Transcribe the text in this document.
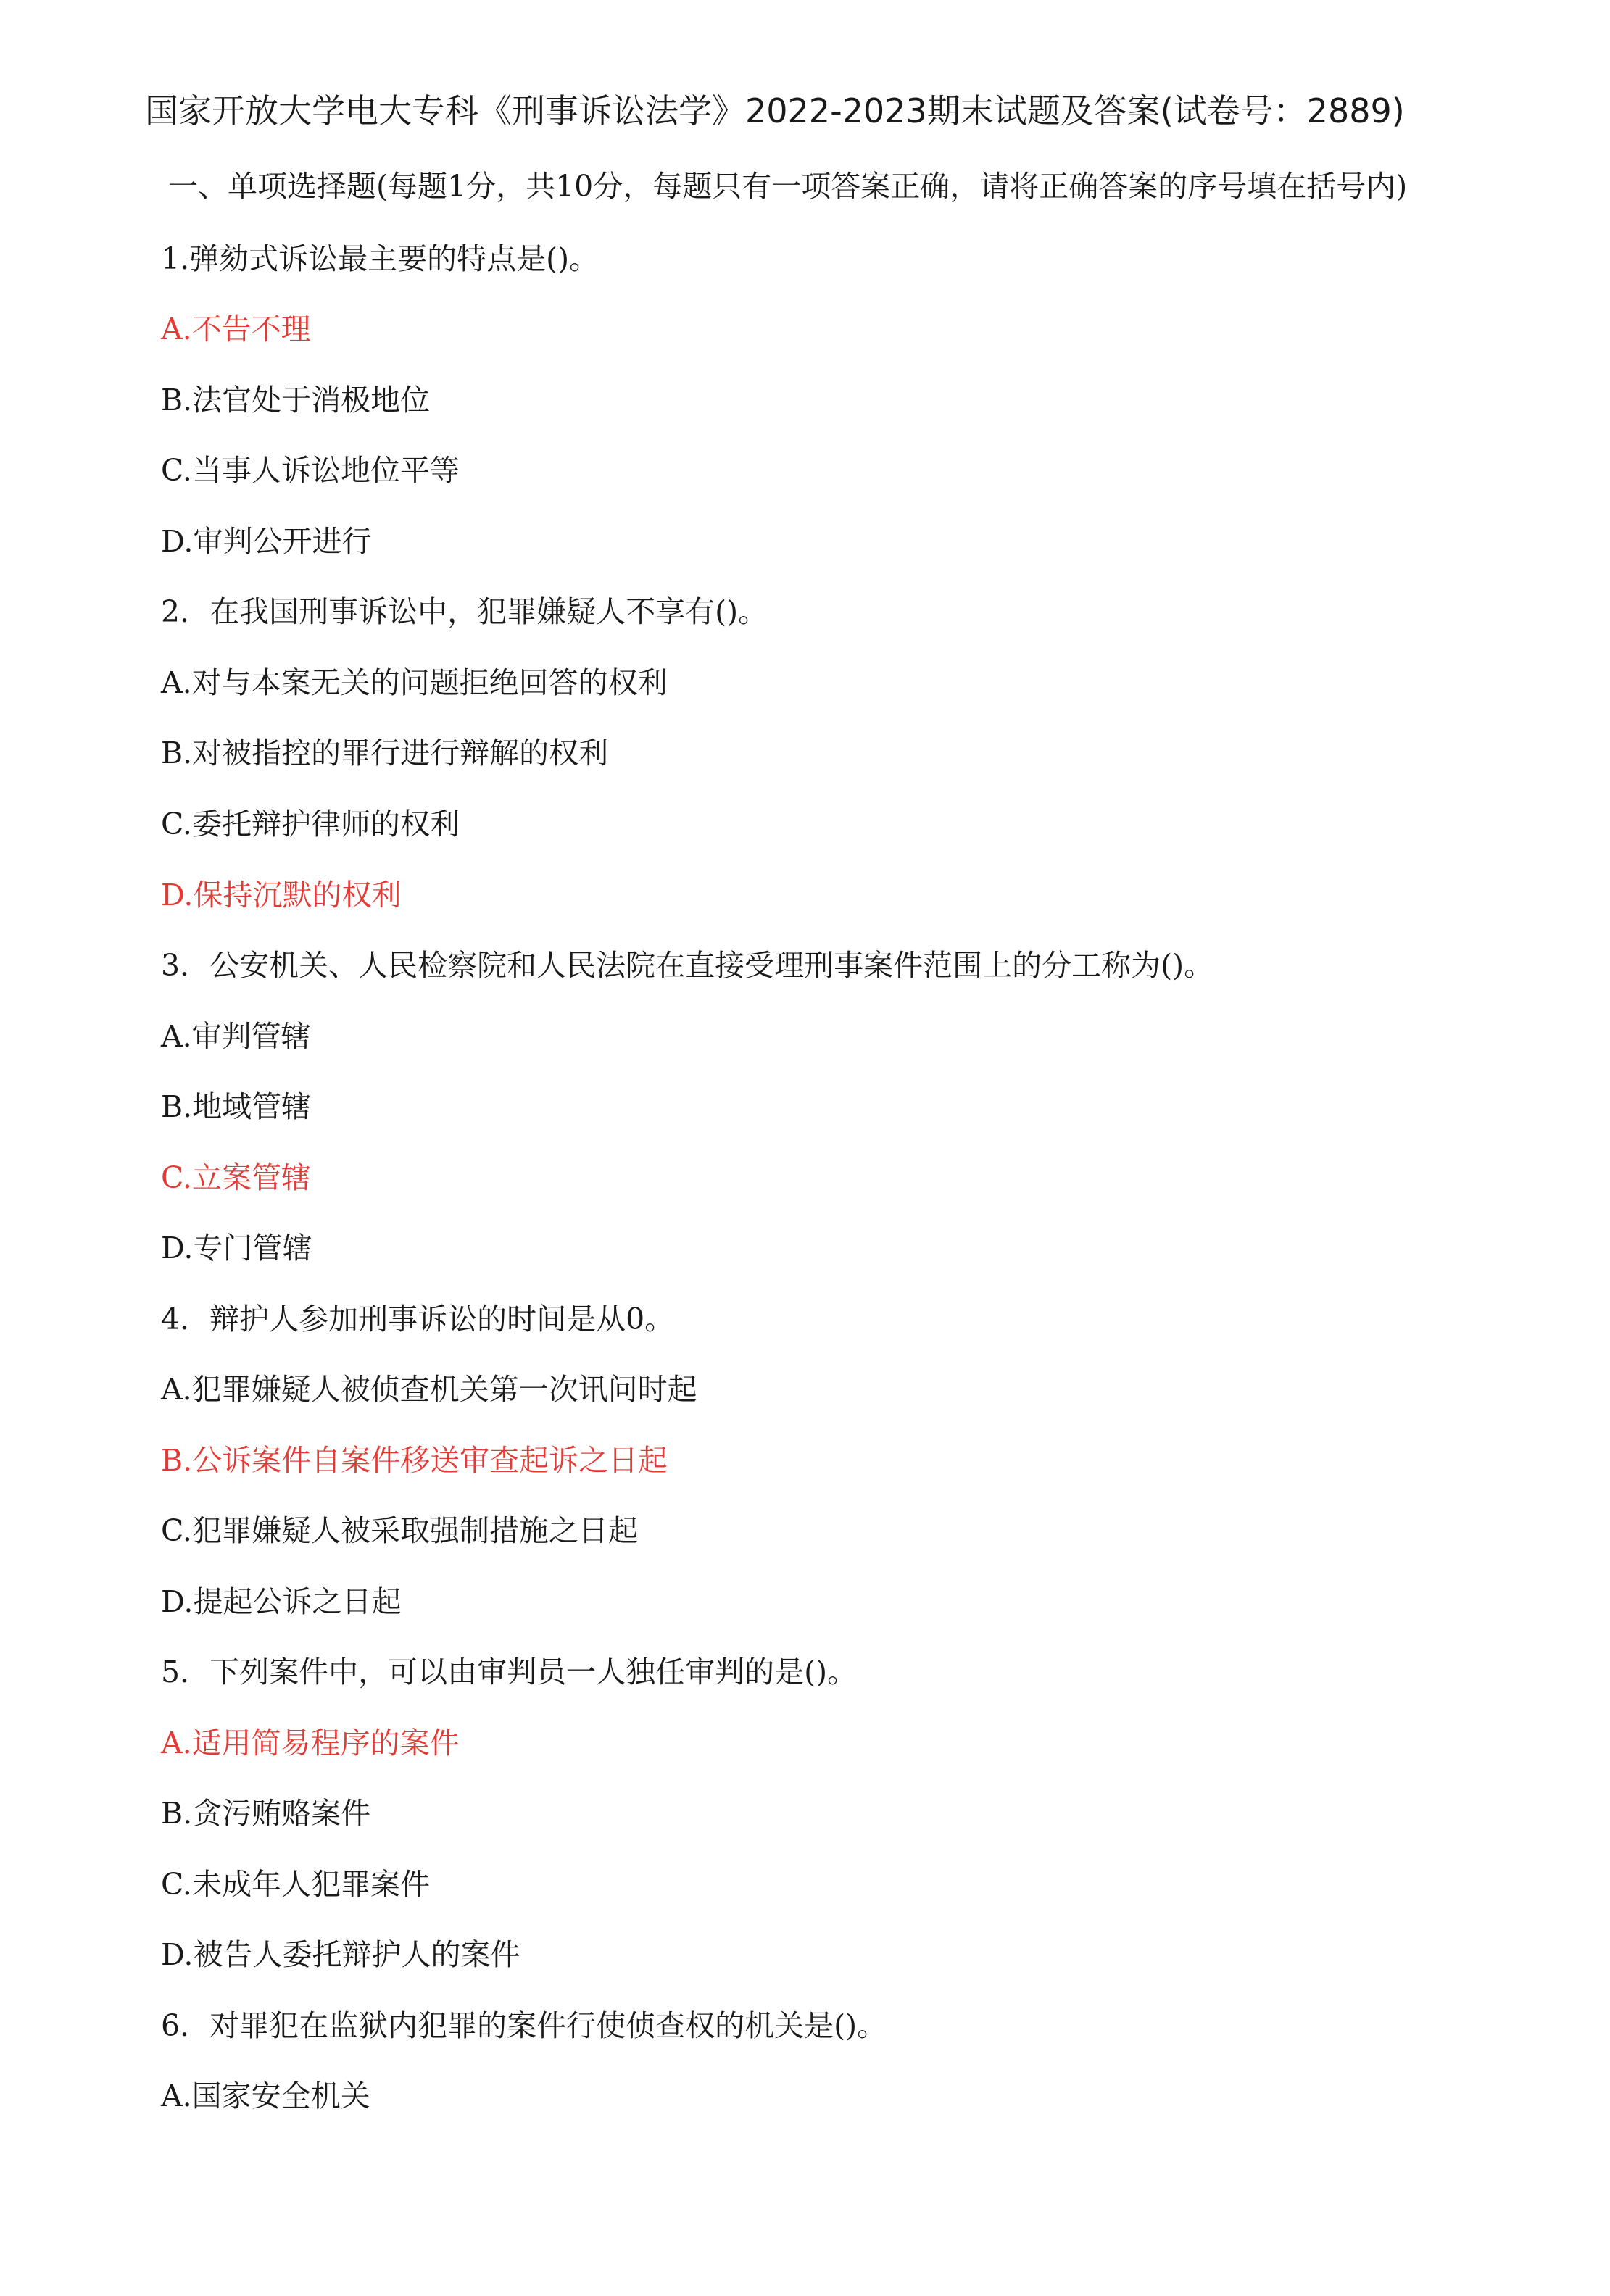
国家开放大学电大专科《刑事诉讼法学》2022-2023期末试题及答案(试卷号：2889)
一、单项选择题(每题1分，共10分，每题只有一项答案正确，请将正确答案的序号填在括号内)
1.弹劾式诉讼最主要的特点是()。
A.不告不理
B.法官处于消极地位
C.当事人诉讼地位平等
D.审判公开进行
2．在我国刑事诉讼中，犯罪嫌疑人不享有()。
A.对与本案无关的问题拒绝回答的权利
B.对被指控的罪行进行辩解的权利
C.委托辩护律师的权利
D.保持沉默的权利
3．公安机关、人民检察院和人民法院在直接受理刑事案件范围上的分工称为()。
A.审判管辖
B.地域管辖
C.立案管辖
D.专门管辖
4．辩护人参加刑事诉讼的时间是从0。
A.犯罪嫌疑人被侦查机关第一次讯问时起
B.公诉案件自案件移送审查起诉之日起
C.犯罪嫌疑人被采取强制措施之日起
D.提起公诉之日起
5．下列案件中，可以由审判员一人独任审判的是()。
A.适用简易程序的案件
B.贪污贿赂案件
C.未成年人犯罪案件
D.被告人委托辩护人的案件
6．对罪犯在监狱内犯罪的案件行使侦查权的机关是()。
A.国家安全机关
